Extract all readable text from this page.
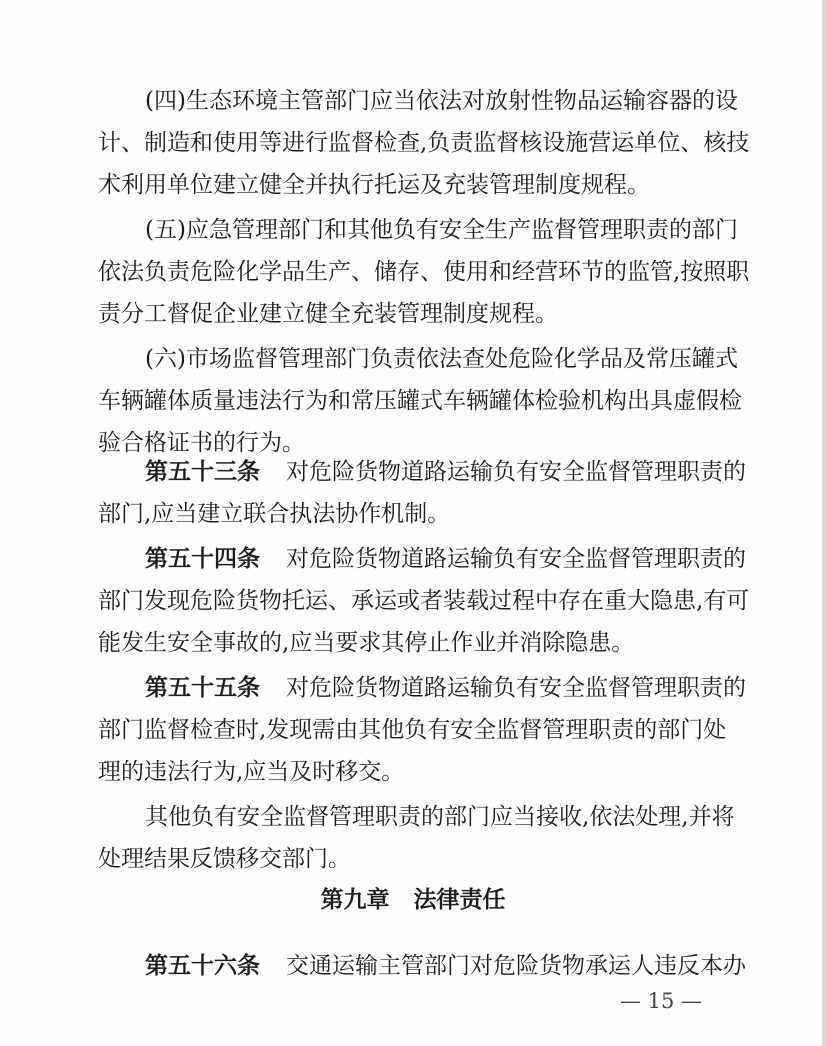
(四)生态环境主管部门应当依法对放射性物品运输容器的设
计、制造和使用等进行监督检查,负责监督核设施营运单位、核技
术利用单位建立健全并执行托运及充装管理制度规程。
(五)应急管理部门和其他负有安全生产监督管理职责的部门
依法负责危险化学品生产、储存、使用和经营环节的监管,按照职
责分工督促企业建立健全充装管理制度规程。
(六)市场监督管理部门负责依法查处危险化学品及常压罐式
车辆罐体质量违法行为和常压罐式车辆罐体检验机构出具虚假检
验合格证书的行为。
第五十三条 对危险货物道路运输负有安全监督管理职责的
部门,应当建立联合执法协作机制。
第五十四条 对危险货物道路运输负有安全监督管理职责的
部门发现危险货物托运、承运或者装载过程中存在重大隐患,有可
能发生安全事故的,应当要求其停止作业并消除隐患。
第五十五条 对危险货物道路运输负有安全监督管理职责的
部门监督检查时,发现需由其他负有安全监督管理职责的部门处
理的违法行为,应当及时移交。
其他负有安全监督管理职责的部门应当接收,依法处理,并将
处理结果反馈移交部门。
第九章 法律责任
第五十六条 交通运输主管部门对危险货物承运人违反本办
— 15 —
